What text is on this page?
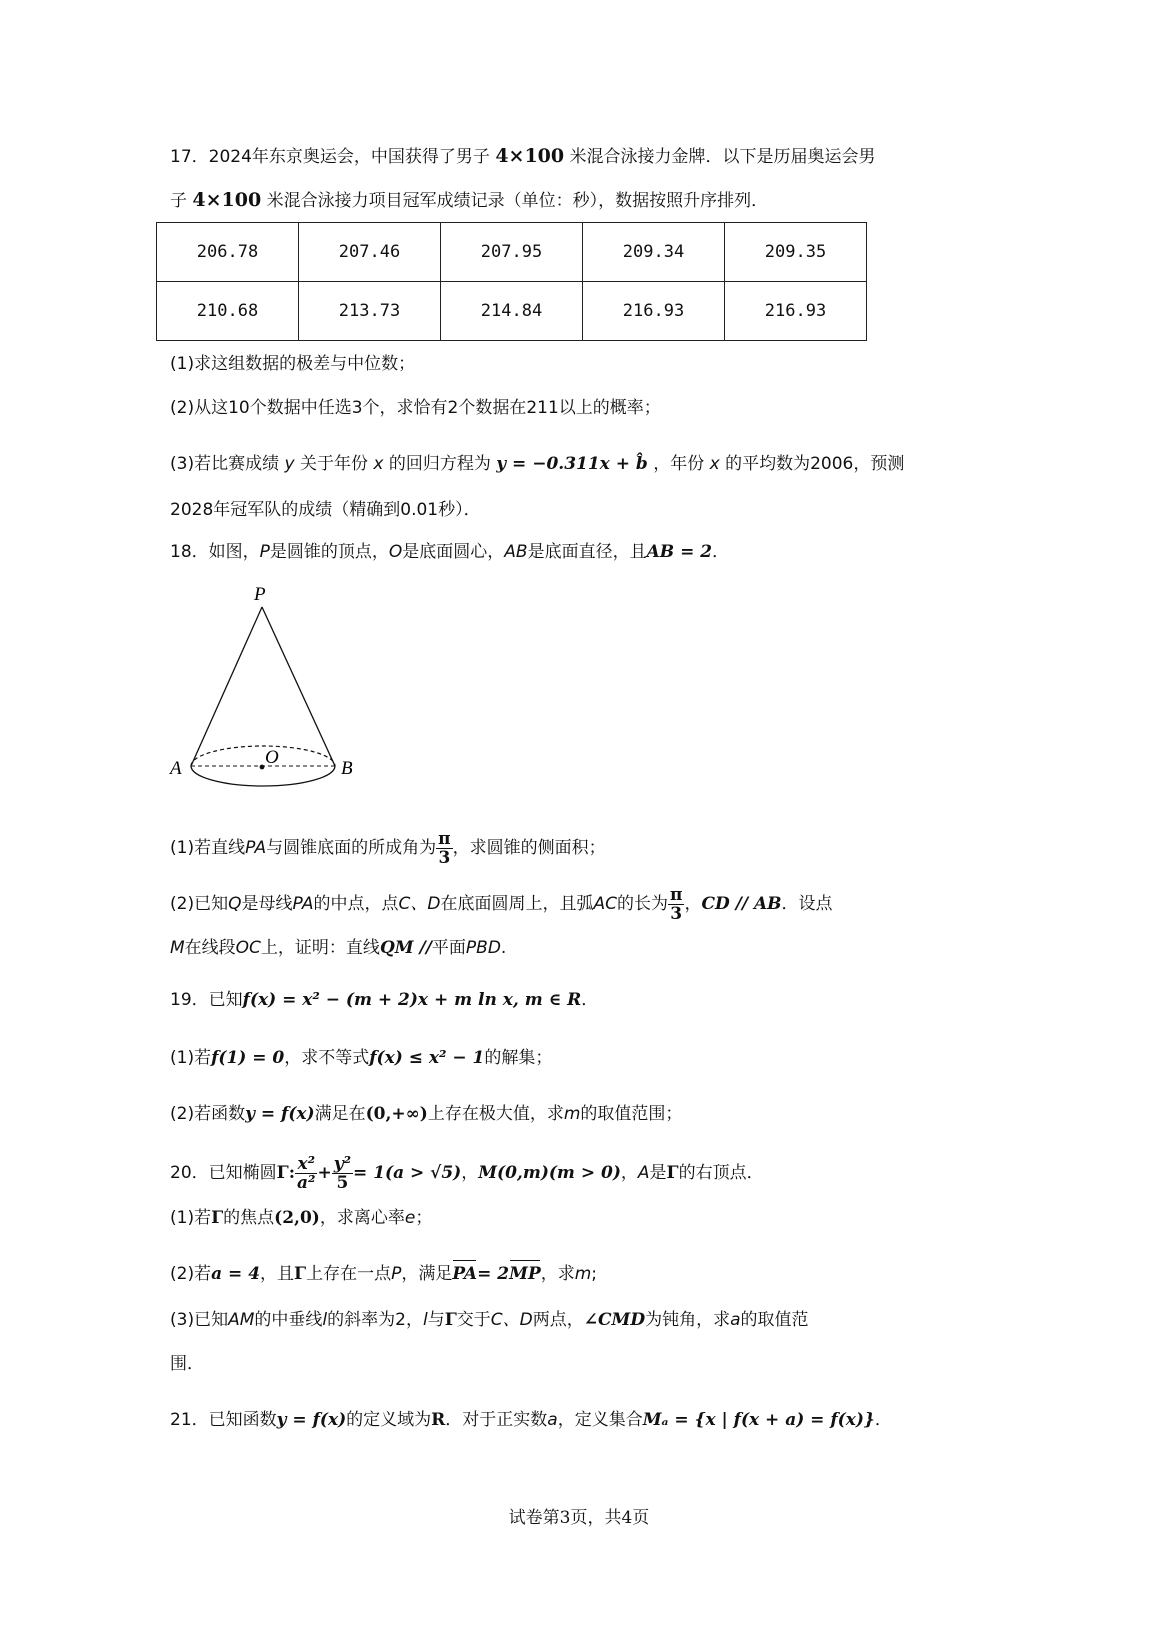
17．2024年东京奥运会，中国获得了男子 4×100 米混合泳接力金牌．以下是历届奥运会男
子 4×100 米混合泳接力项目冠军成绩记录（单位：秒），数据按照升序排列．
206.78	207.46	207.95	209.34	209.35
210.68	213.73	214.84	216.93	216.93
(1)求这组数据的极差与中位数；
(2)从这10个数据中任选3个，求恰有2个数据在211以上的概率；
(3)若比赛成绩 y 关于年份 x 的回归方程为 y = −0.311x + b̂ ，年份 x 的平均数为2006，预测
2028年冠军队的成绩（精确到0.01秒）．
18．如图，P是圆锥的顶点，O是底面圆心，AB是底面直径，且AB = 2．
P
A	B
O
(1)若直线PA与圆锥底面的所成角为 $\frac{\pi}{3}$ ，求圆锥的侧面积；
(2)已知Q是母线PA的中点，点C、D在底面圆周上，且弧AC的长为 $\frac{\pi}{3}$ ，CD // AB．设点
M在线段OC上，证明：直线QM //平面PBD.
19．已知f(x) = x² − (m + 2)x + m ln x, m ∈ R．
(1)若f(1) = 0，求不等式f(x) ≤ x² − 1的解集；
(2)若函数y = f(x)满足在(0,+∞)上存在极大值，求m的取值范围；
20．已知椭圆Γ: $\frac{\text{x²}}{\text{a²}} + \frac{\text{y²}}{5} = 1(a > √5)$，M(0,m)(m > 0)，A是Γ的右顶点．
(1)若Γ的焦点(2,0)，求离心率e；
(2)若a = 4，且Γ上存在一点P，满足PA= 2MP，求m;
(3)已知AM的中垂线l的斜率为2，l与Γ交于C、D两点，∠CMD为钝角，求a的取值范
围．
21．已知函数y = f(x)的定义域为R．对于正实数a，定义集合Mₐ = {x | f(x + a) = f(x)}．
试卷第3页，共4页
